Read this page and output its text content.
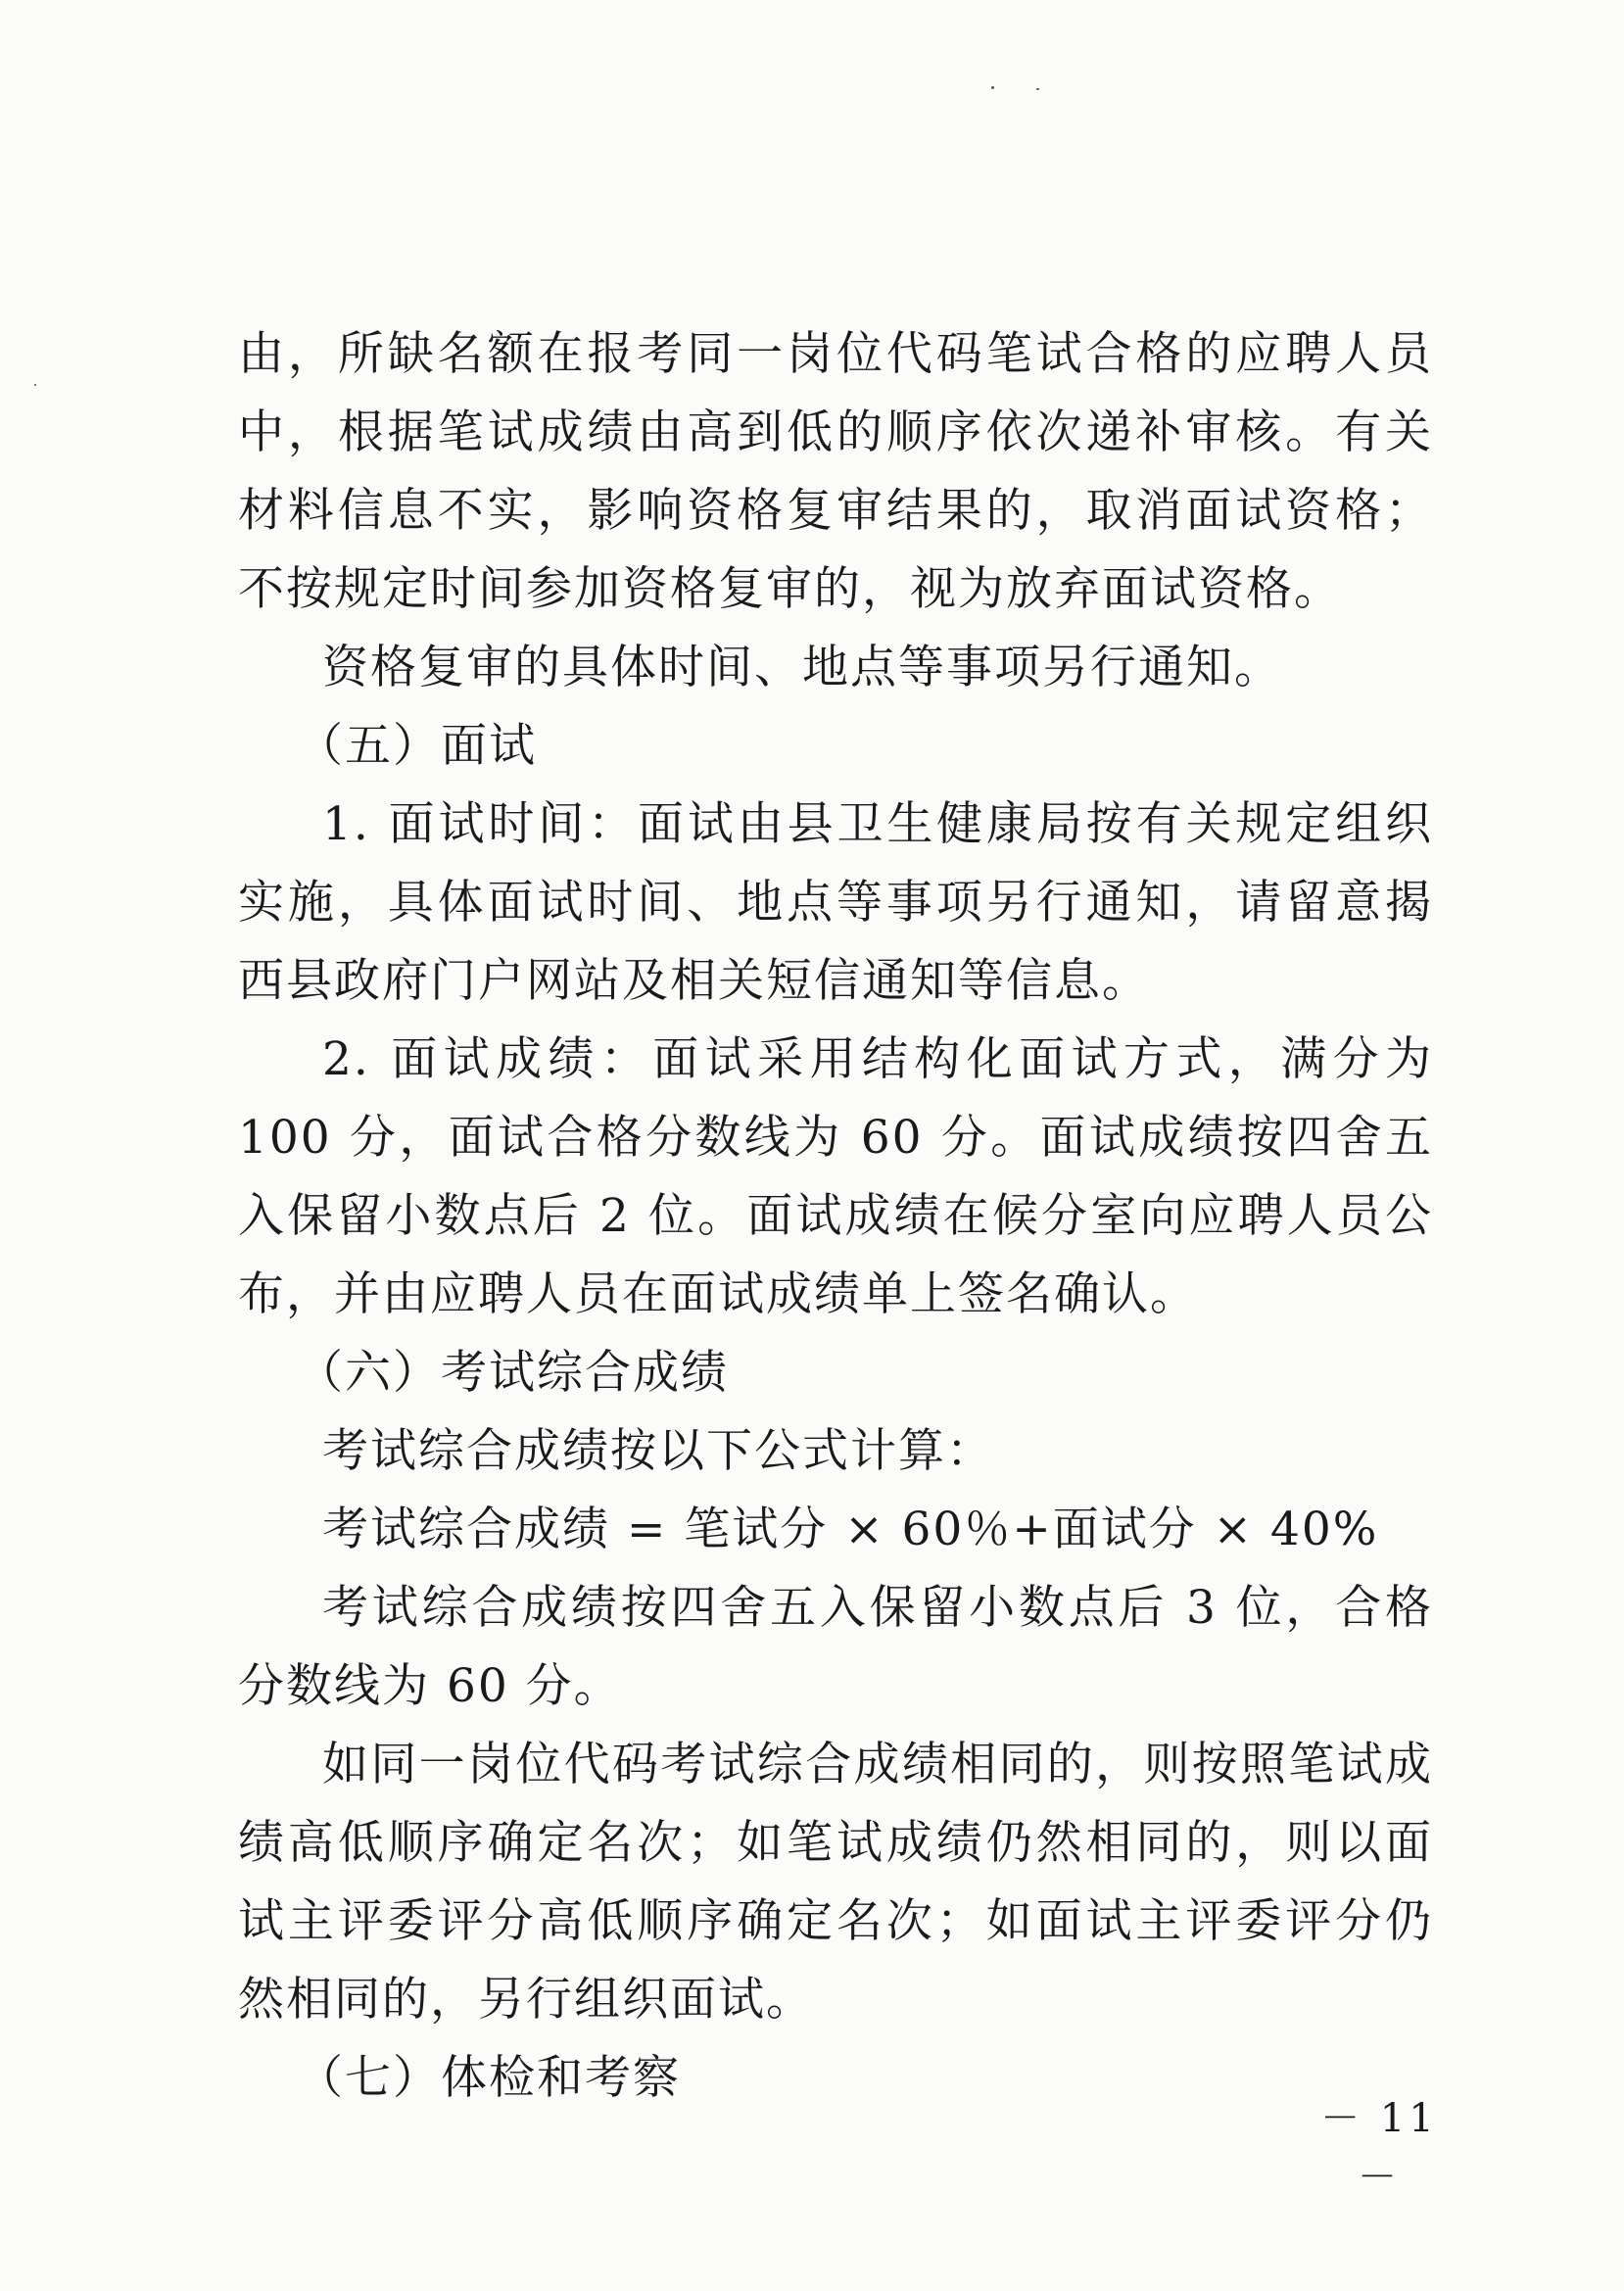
由，所缺名额在报考同一岗位代码笔试合格的应聘人员中，根据笔试成绩由高到低的顺序依次递补审核。有关材料信息不实，影响资格复审结果的，取消面试资格；不按规定时间参加资格复审的，视为放弃面试资格。

资格复审的具体时间、地点等事项另行通知。

（五）面试

1. 面试时间：面试由县卫生健康局按有关规定组织实施，具体面试时间、地点等事项另行通知，请留意揭西县政府门户网站及相关短信通知等信息。

2. 面试成绩：面试采用结构化面试方式，满分为 100 分，面试合格分数线为 60 分。面试成绩按四舍五入保留小数点后 2 位。面试成绩在候分室向应聘人员公布，并由应聘人员在面试成绩单上签名确认。

（六）考试综合成绩

考试综合成绩按以下公式计算：

考试综合成绩 = 笔试分 × 60％+面试分 × 40%

考试综合成绩按四舍五入保留小数点后 3 位，合格分数线为 60 分。

如同一岗位代码考试综合成绩相同的，则按照笔试成绩高低顺序确定名次；如笔试成绩仍然相同的，则以面试主评委评分高低顺序确定名次；如面试主评委评分仍然相同的，另行组织面试。

（七）体检和考察

－ 11 －
